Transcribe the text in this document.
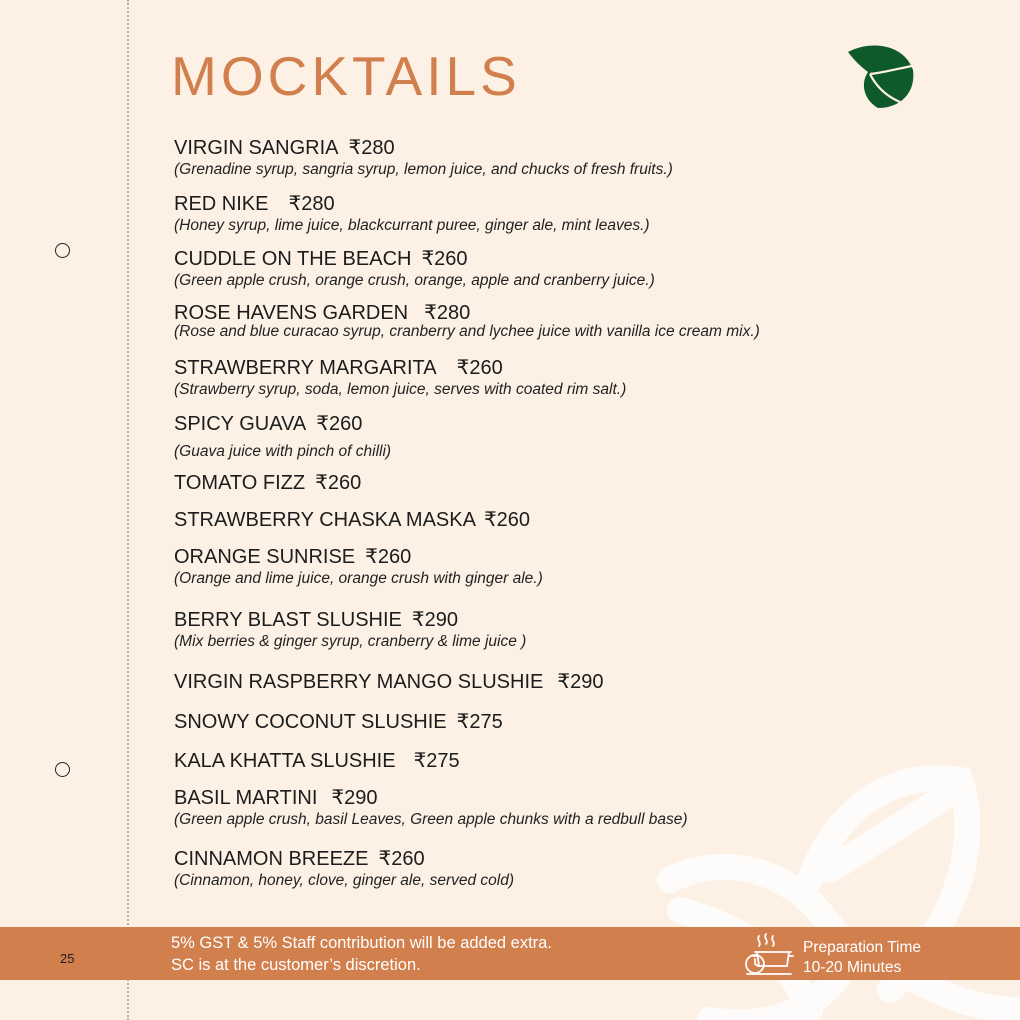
MOCKTAILS
VIRGIN SANGRIA ₹280
(Grenadine syrup, sangria syrup, lemon juice, and chucks of fresh fruits.)
RED NIKE ₹280
(Honey syrup, lime juice, blackcurrant puree, ginger ale, mint leaves.)
CUDDLE ON THE BEACH ₹260
(Green apple crush, orange crush, orange, apple and cranberry juice.)
ROSE HAVENS GARDEN ₹280
(Rose and blue curacao syrup, cranberry and lychee juice with vanilla ice cream mix.)
STRAWBERRY MARGARITA ₹260
(Strawberry syrup, soda, lemon juice, serves with coated rim salt.)
SPICY GUAVA ₹260
(Guava juice with pinch of chilli)
TOMATO FIZZ ₹260
STRAWBERRY CHASKA MASKA ₹260
ORANGE SUNRISE ₹260
(Orange and lime juice, orange crush with ginger ale.)
BERRY BLAST SLUSHIE ₹290
(Mix berries & ginger syrup, cranberry & lime juice )
VIRGIN RASPBERRY MANGO SLUSHIE ₹290
SNOWY COCONUT SLUSHIE ₹275
KALA KHATTA SLUSHIE ₹275
BASIL MARTINI ₹290
(Green apple crush, basil Leaves, Green apple chunks with a redbull base)
CINNAMON BREEZE ₹260
(Cinnamon, honey, clove, ginger ale, served cold)
25
5% GST & 5% Staff contribution will be added extra.
SC is at the customer’s discretion.
Preparation Time
10-20 Minutes
